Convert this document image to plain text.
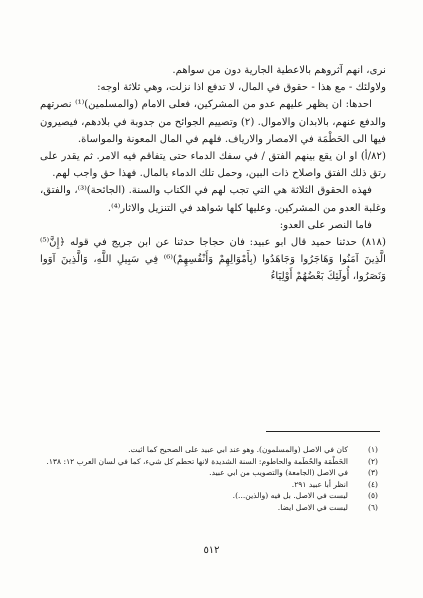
نرى، انهم آثروهم بالاعطية الجارية دون من سواهم.

ولاولئك - مع هذا - حقوق في المال، لا تدفع اذا نزلت، وهي ثلاثة اوجه:

احدها: ان يظهر عليهم عدو من المشركين، فعلى الامام (والمسلمين)⁽¹⁾ نصرتهم والدفع عنهم، بالابدان والاموال. (٢) وتصييم الجوائح من جدوبة في بلادهم، فيصيرون فيها الى الحَطْمَة في الامصار والارياف. فلهم في المال المعونة والمواساة.

(٨٢/أ) او ان يقع بينهم الفتق / في سفك الدماء حتى يتفاقم فيه الامر. ثم يقدر على رتق ذلك الفتق واصلاح ذات البين، وحمل تلك الدماء بالمال. فهذا حق واجب لهم.

فهذه الحقوق الثلاثة هي التي تجب لهم في الكتاب والسنة. (الجائحة)⁽³⁾، والفتق، وغلبة العدو من المشركين. وعليها كلها شواهد في التنزيل والاثار⁽⁴⁾.

فاما النصر على العدو:

(٨١٨) حدثنا حميد قال ابو عبيد: فان حجاجا حدثنا عن ابن جريج في قوله ﴿إِنَّ⁽⁵⁾ الَّذِينَ آمَنُوا وَهَاجَرُوا وَجَاهَدُوا (بِأَمْوَالِهِمْ وَأَنْفُسِهِمْ)⁽⁶⁾ فِي سَبِيلِ اللَّهِ، وَالَّذِينَ آوَوا وَنَصَرُوا، أُولَئِكَ بَعْضُهُمْ أَوْلِيَاءُ

(١)
كان في الاصل (والمسلمون). وهو عند ابي عبيد على الصحيح كما اثبت.
(٢)
الحَطْمَة والحُطَمة والحاطوم: السنة الشديدة لانها تحطم كل شيء، كما في لسان العرب ١٢: ١٣٨.
(٣)
في الاصل (الجامعة) والتصويب من ابي عبيد.
(٤)
انظر أبا عبيد ٢٩١.
(٥)
ليست في الاصل. بل فيه (والذين...).
(٦)
ليست في الاصل ايضا.
٥١٢
